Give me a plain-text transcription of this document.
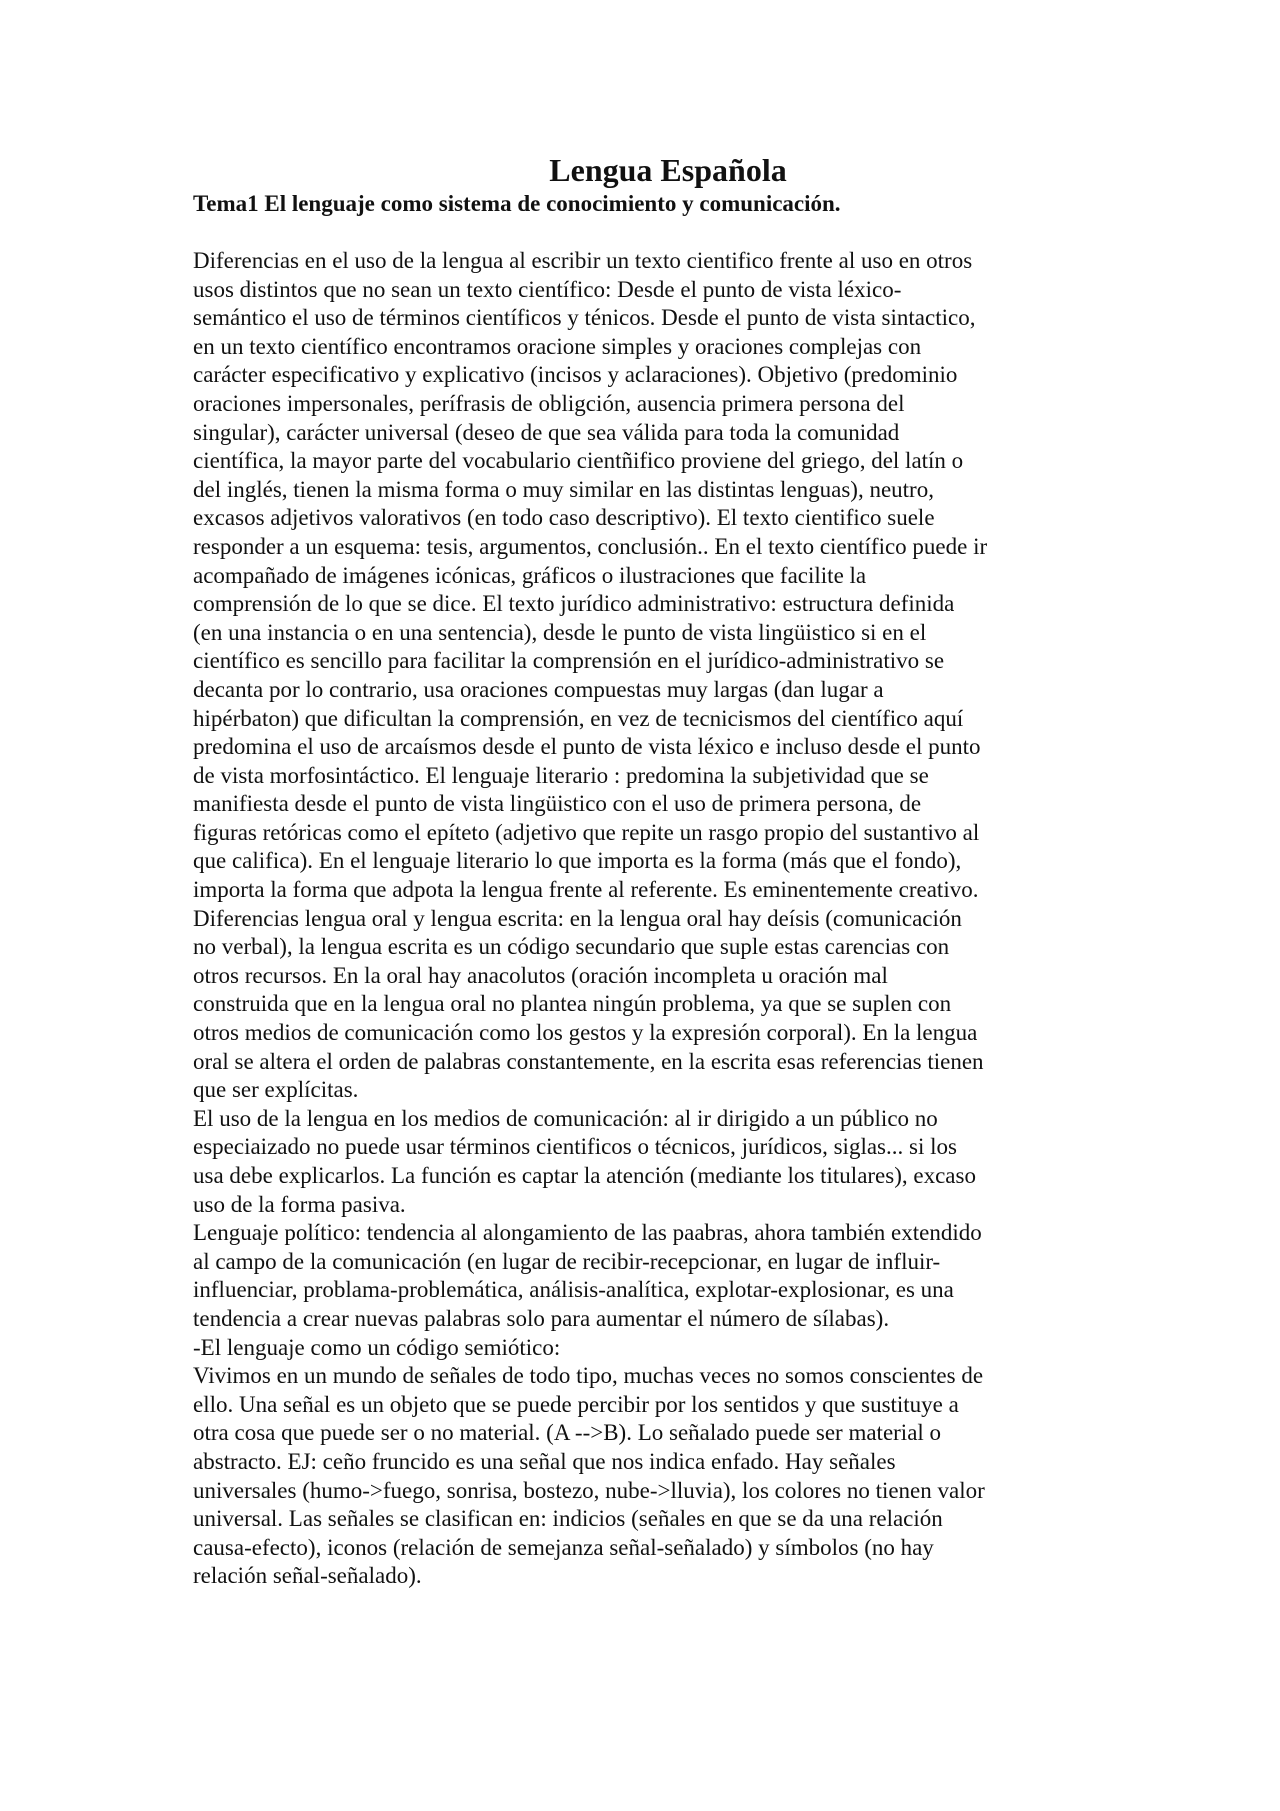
Lengua Española
Tema1 El lenguaje como sistema de conocimiento y comunicación.

Diferencias en el uso de la lengua al escribir un texto cientifico frente al uso en otros
usos distintos que no sean un texto científico: Desde el punto de vista léxico-
semántico el uso de términos científicos y ténicos. Desde el punto de vista sintactico,
en un texto científico encontramos oracione simples y oraciones complejas con
carácter especificativo y explicativo (incisos y aclaraciones). Objetivo (predominio
oraciones impersonales, perífrasis de obligción, ausencia primera persona del
singular), carácter universal (deseo de que sea válida para toda la comunidad
científica, la mayor parte del vocabulario cientñifico proviene del griego, del latín o
del inglés, tienen la misma forma o muy similar en las distintas lenguas), neutro,
excasos adjetivos valorativos (en todo caso descriptivo). El texto cientifico suele
responder a un esquema: tesis, argumentos, conclusión.. En el texto científico puede ir
acompañado de imágenes icónicas, gráficos o ilustraciones que facilite la
comprensión de lo que se dice. El texto jurídico administrativo: estructura definida
(en una instancia o en una sentencia), desde le punto de vista lingüistico si en el
científico es sencillo para facilitar la comprensión en el jurídico-administrativo se
decanta por lo contrario, usa oraciones compuestas muy largas (dan lugar a
hipérbaton) que dificultan la comprensión, en vez de tecnicismos del científico aquí
predomina el uso de arcaísmos desde el punto de vista léxico e incluso desde el punto
de vista morfosintáctico. El lenguaje literario : predomina la subjetividad que se
manifiesta desde el punto de vista lingüistico con el uso de primera persona, de
figuras retóricas como el epíteto (adjetivo que repite un rasgo propio del sustantivo al
que califica). En el lenguaje literario lo que importa es la forma (más que el fondo),
importa la forma que adpota la lengua frente al referente. Es eminentemente creativo.
Diferencias lengua oral y lengua escrita: en la lengua oral hay deísis (comunicación
no verbal), la lengua escrita es un código secundario que suple estas carencias con
otros recursos. En la oral hay anacolutos (oración incompleta u oración mal
construida que en la lengua oral no plantea ningún problema, ya que se suplen con
otros medios de comunicación como los gestos y la expresión corporal). En la lengua
oral se altera el orden de palabras constantemente, en la escrita esas referencias tienen
que ser explícitas.

El uso de la lengua en los medios de comunicación: al ir dirigido a un público no
especiaizado no puede usar términos cientificos o técnicos, jurídicos, siglas... si los
usa debe explicarlos. La función es captar la atención (mediante los titulares), excaso
uso de la forma pasiva.

Lenguaje político: tendencia al alongamiento de las paabras, ahora también extendido
al campo de la comunicación (en lugar de recibir-recepcionar, en lugar de influir-
influenciar, problama-problemática, análisis-analítica, explotar-explosionar, es una
tendencia a crear nuevas palabras solo para aumentar el número de sílabas).

-El lenguaje como un código semiótico:

Vivimos en un mundo de señales de todo tipo, muchas veces no somos conscientes de
ello. Una señal es un objeto que se puede percibir por los sentidos y que sustituye a
otra cosa que puede ser o no material. (A -->B). Lo señalado puede ser material o
abstracto. EJ: ceño fruncido es una señal que nos indica enfado. Hay señales
universales (humo->fuego, sonrisa, bostezo, nube->lluvia), los colores no tienen valor
universal. Las señales se clasifican en: indicios (señales en que se da una relación
causa-efecto), iconos (relación de semejanza señal-señalado) y símbolos (no hay
relación señal-señalado).
